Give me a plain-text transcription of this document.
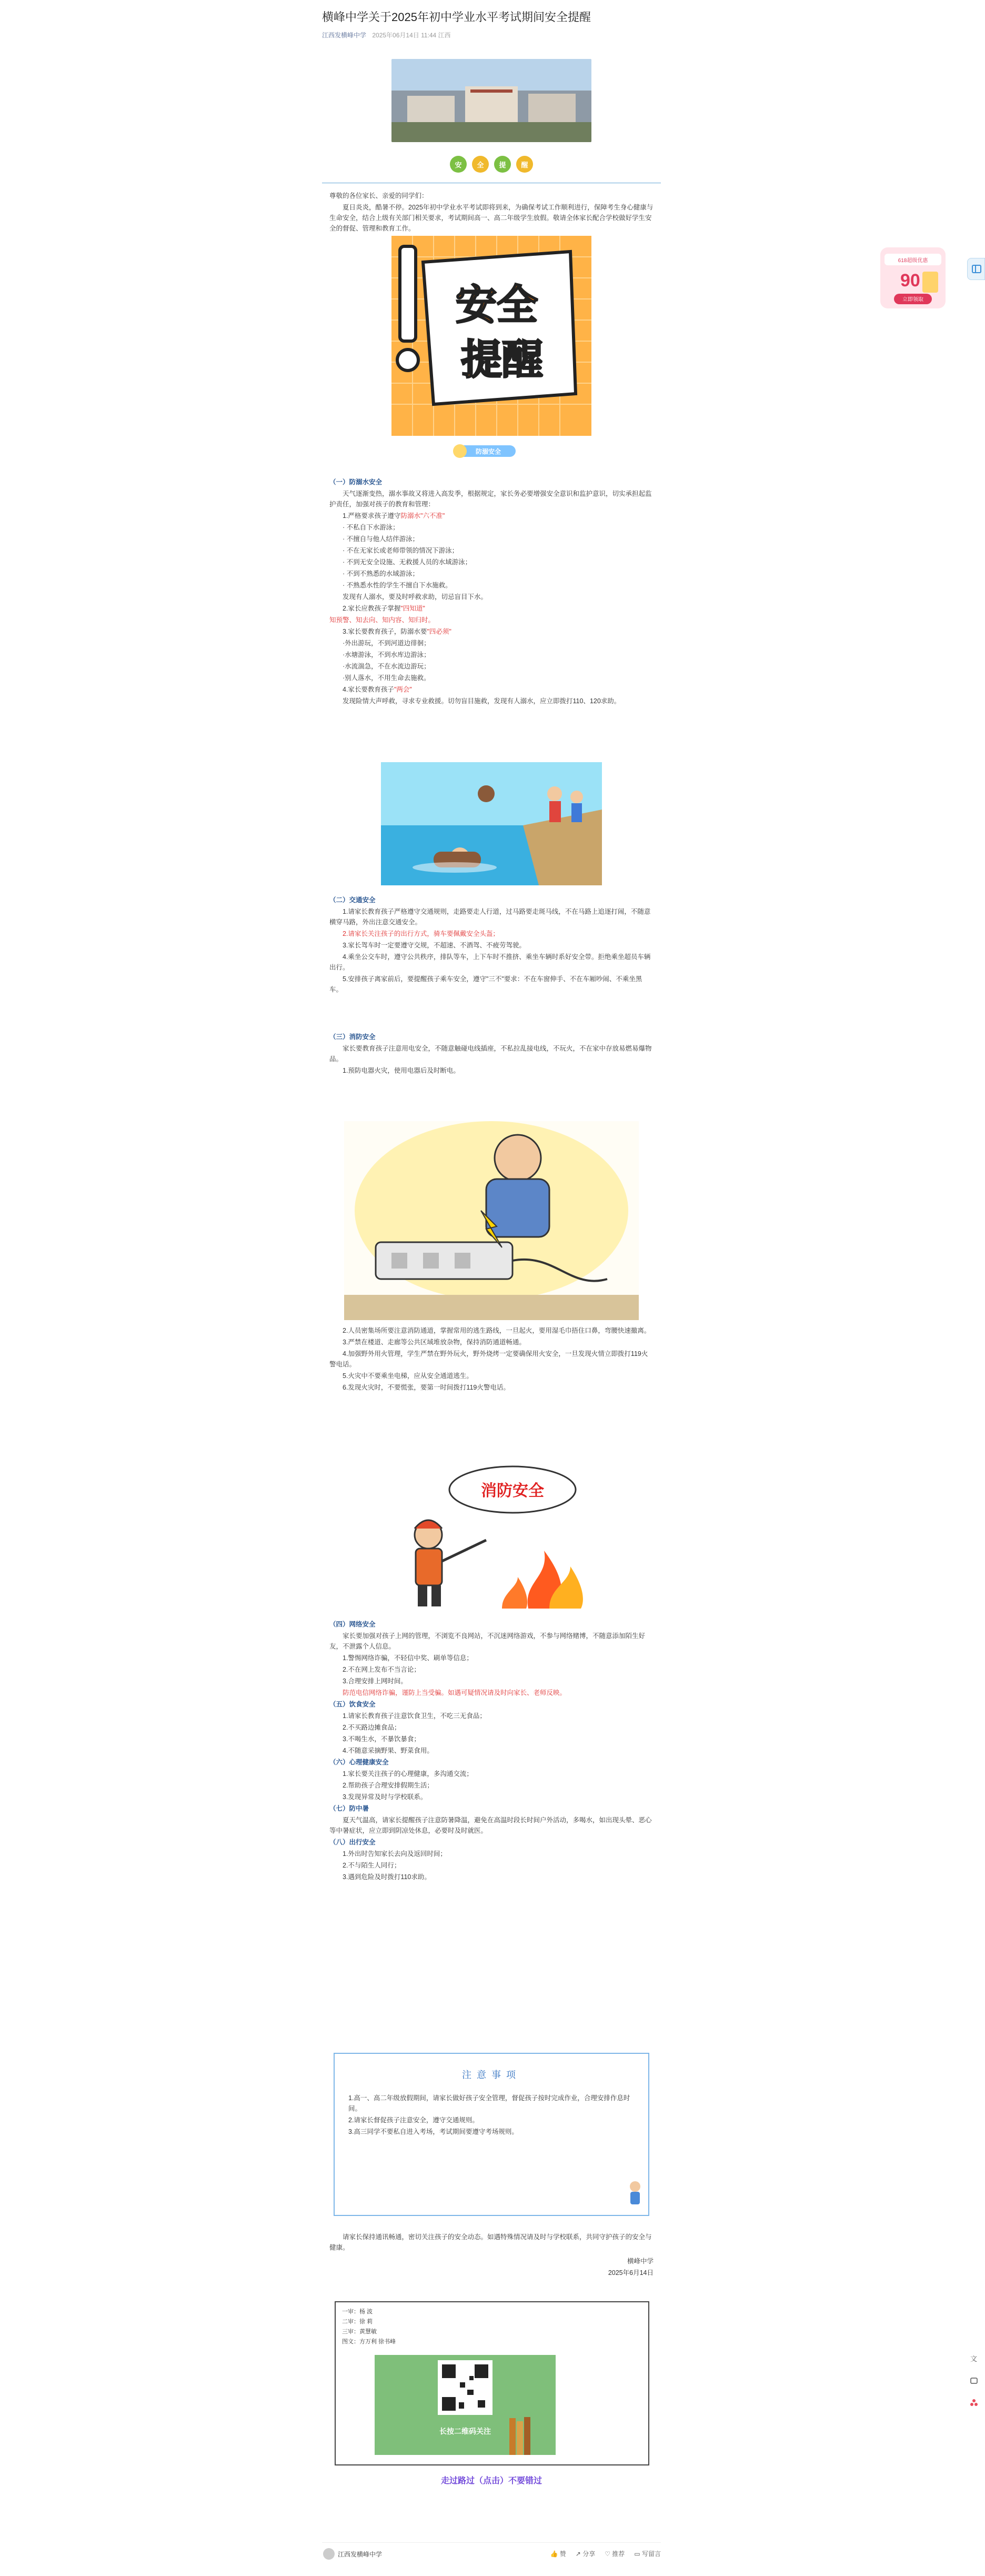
618超级优惠
90
立即领取
文
横峰中学关于2025年初中学业水平考试期间安全提醒
江西发横峰中学 2025年06月14日 11:44 江西
安	全	提	醒

尊敬的各位家长、亲爱的同学们：

夏日炎炎，酷暑不停。2025年初中学业水平考试即将到来，为确保考试工作顺利进行，保障考生身心健康与生命安全，结合上级有关部门相关要求，考试期间高一、高二年级学生放假。敬请全体家长配合学校做好学生安全的督促、管理和教育工作。

安全
提醒
防溺安全

（一）防溺水安全

天气逐渐变热，溺水事故又将进入高发季，根据规定，家长务必要增强安全意识和监护意识，切实承担起监护责任，加强对孩子的教育和管理：

1.严格要求孩子遵守防溺水"六不准"

· 不私自下水游泳；

· 不擅自与他人结伴游泳；

· 不在无家长或老师带领的情况下游泳；

· 不到无安全设施、无救援人员的水域游泳；

· 不到不熟悉的水域游泳；

· 不熟悉水性的学生不擅自下水施救。

发现有人溺水，要及时呼救求助，切忌盲目下水。

2.家长应教孩子掌握"四知道"

知预警、知去向、知内容、知归时。

3.家长要教育孩子，防溺水要"四必须"

·外出游玩，不到河道边徘徊；

·水塘游泳，不到水库边游泳；

·水流湍急，不在水流边游玩；

·别人落水，不用生命去施救。

4.家长要教育孩子"两会"

发现险情大声呼救，寻求专业救援。切勿盲目施救，发现有人溺水，应立即拨打110、120求助。

（二）交通安全

1.请家长教育孩子严格遵守交通规则，走路要走人行道，过马路要走斑马线，不在马路上追逐打闹，不随意横穿马路，外出注意交通安全。

2.请家长关注孩子的出行方式，骑车要佩戴安全头盔；

3.家长驾车时一定要遵守交规，不超速、不酒驾、不疲劳驾驶。

4.乘坐公交车时，遵守公共秩序，排队等车，上下车时不推挤、乘坐车辆时系好安全带。拒绝乘坐超员车辆出行。

5.安排孩子离家前后，要提醒孩子乘车安全，遵守"三不"要求：不在车窗伸手、不在车厢吵闹、不乘坐黑车。

（三）消防安全

家长要教育孩子注意用电安全，不随意触碰电线插座，不私拉乱接电线，不玩火，不在家中存放易燃易爆物品。

1.预防电器火灾，使用电器后及时断电。

2.人员密集场所要注意消防通道，掌握常用的逃生路线，一旦起火，要用湿毛巾捂住口鼻，弯腰快速撤离。

3.严禁在楼道、走廊等公共区域堆放杂物，保持消防通道畅通。

4.加强野外用火管理，学生严禁在野外玩火，野外烧烤一定要确保用火安全，一旦发现火情立即拨打119火警电话。

5.火灾中不要乘坐电梯，应从安全通道逃生。

6.发现火灾时，不要慌张，要第一时间拨打119火警电话。

消防安全

（四）网络安全

家长要加强对孩子上网的管理，不浏览不良网站，不沉迷网络游戏，不参与网络赌博，不随意添加陌生好友，不泄露个人信息。

1.警惕网络诈骗，不轻信中奖、刷单等信息；

2.不在网上发布不当言论；

3.合理安排上网时间。

防范电信网络诈骗，谨防上当受骗。如遇可疑情况请及时向家长、老师反映。

（五）饮食安全

1.请家长教育孩子注意饮食卫生，不吃三无食品；

2.不买路边摊食品；

3.不喝生水，不暴饮暴食；

4.不随意采摘野果、野菜食用。

（六）心理健康安全

1.家长要关注孩子的心理健康，多沟通交流；

2.帮助孩子合理安排假期生活；

3.发现异常及时与学校联系。

（七）防中暑

夏天气温高，请家长提醒孩子注意防暑降温，避免在高温时段长时间户外活动，多喝水，如出现头晕、恶心等中暑症状，应立即到阴凉处休息，必要时及时就医。

（八）出行安全

1.外出时告知家长去向及返回时间；

2.不与陌生人同行；

3.遇到危险及时拨打110求助。

注意事项

1.高一、高二年级放假期间，请家长做好孩子安全管理，督促孩子按时完成作业，合理安排作息时间。

2.请家长督促孩子注意安全，遵守交通规则。

3.高三同学不要私自进入考场，考试期间要遵守考场规则。

请家长保持通讯畅通，密切关注孩子的安全动态。如遇特殊情况请及时与学校联系，共同守护孩子的安全与健康。

横峰中学

2025年6月14日

一审：杨 波

二审：徐 莉

三审：黄慧敏

图文：方万利 徐书峰

长按二维码关注
走过路过（点击）不要错过
江西发横峰中学	👍 赞 ↗ 分享 ♡ 推荐 ▭ 写留言
